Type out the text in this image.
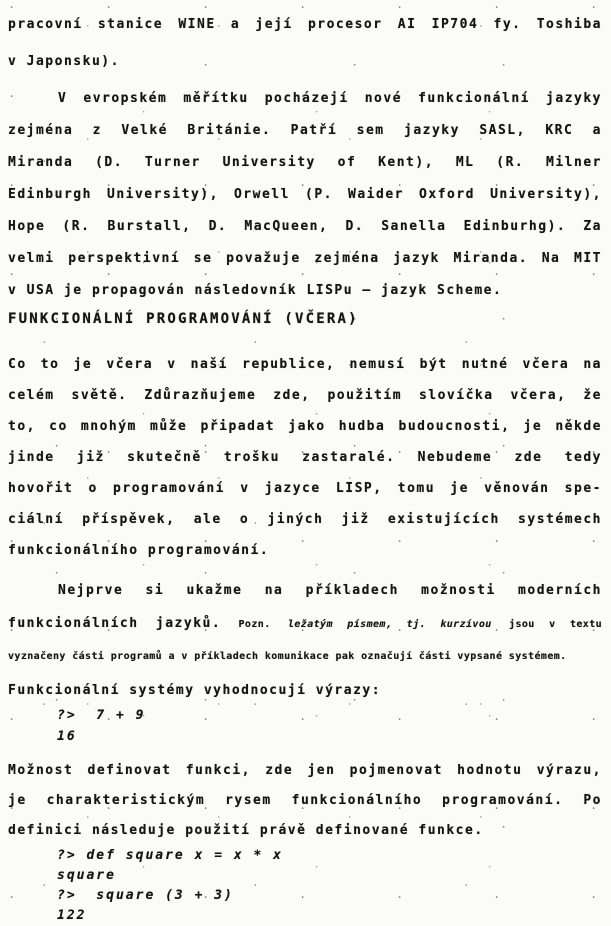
pracovní stanice WINE a její procesor AI IP704 fy. Toshiba
v Japonsku).
V evropském měřítku pocházejí nové funkcionální jazyky
zejména z Velké Británie. Patří sem jazyky SASL, KRC a
Miranda (D. Turner University of Kent), ML (R. Milner
Edinburgh University), Orwell (P. Waider Oxford University),
Hope (R. Burstall, D. MacQueen, D. Sanella Edinburhg). Za
velmi perspektivní se považuje zejména jazyk Miranda. Na MIT
v USA je propagován následovník LISPu – jazyk Scheme.
FUNKCIONÁLNÍ PROGRAMOVÁNÍ (VČERA)
Co to je včera v naší republice, nemusí být nutné včera na
celém světě. Zdůrazňujeme zde, použitím slovíčka včera, že
to, co mnohým může připadat jako hudba budoucnosti, je někde
jinde již skutečně trošku zastaralé. Nebudeme zde tedy
hovořit o programování v jazyce LISP, tomu je věnován spe-
ciální příspěvek, ale o jiných již existujících systémech
funkcionálního programování.
Nejprve si ukažme na příkladech možnosti moderních
funkcionálních jazyků. Pozn. ležatým písmem, tj. kurzívou jsou v textu
vyznačeny části programů a v příkladech komunikace pak označují části vypsané systémem.
Funkcionální systémy vyhodnocují výrazy:
?>  7 + 9
16
Možnost definovat funkci, zde jen pojmenovat hodnotu výrazu,
je charakteristickým rysem funkcionálního programování. Po
definici následuje použití právě definované funkce.
?> def square x = x * x
square
?>  square (3 + 3)
122
